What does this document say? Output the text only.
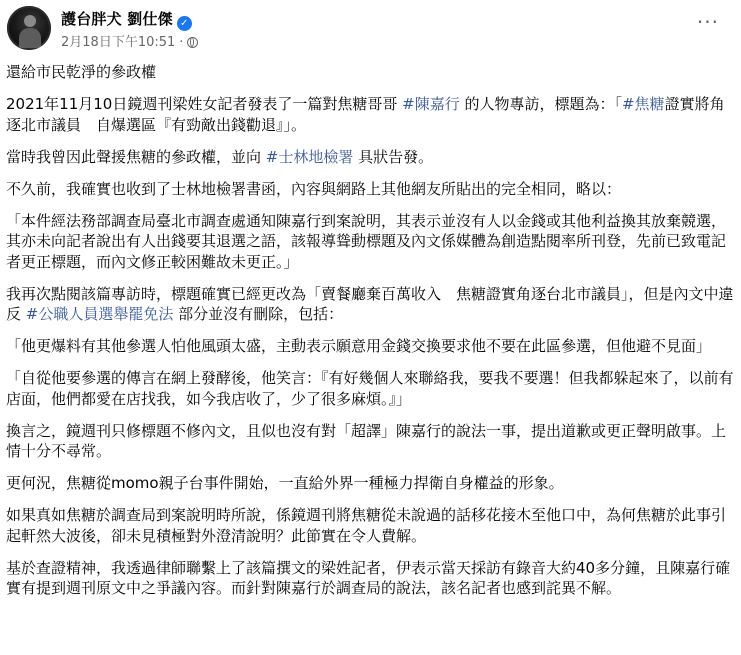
護台胖犬 劉仕傑 ✓
2月18日下午10:51 ·
···

還給市民乾淨的參政權

2021年11月10日鏡週刊梁姓女記者發表了一篇對焦糖哥哥 #陳嘉行 的人物專訪，標題為：「#焦糖證實將角逐北市議員　自爆選區『有勁敵出錢勸退』」。

當時我曾因此聲援焦糖的參政權，並向 #士林地檢署 具狀告發。

不久前，我確實也收到了士林地檢署書函，內容與網路上其他網友所貼出的完全相同，略以：

「本件經法務部調查局臺北市調查處通知陳嘉行到案說明，其表示並沒有人以金錢或其他利益換其放棄競選，其亦未向記者說出有人出錢要其退選之語，該報導聳動標題及內文係媒體為創造點閱率所刊登，先前已致電記者更正標題，而內文修正較困難故未更正。」

我再次點閱該篇專訪時，標題確實已經更改為「賣餐廳棄百萬收入　焦糖證實角逐台北市議員」，但是內文中違反 #公職人員選舉罷免法 部分並沒有刪除，包括：

「他更爆料有其他參選人怕他風頭太盛，主動表示願意用金錢交換要求他不要在此區參選，但他避不見面」

「自從他要參選的傳言在網上發酵後，他笑言：『有好幾個人來聯絡我，要我不要選！但我都躲起來了，以前有店面，他們都愛在店找我，如今我店收了，少了很多麻煩。』」

換言之，鏡週刊只修標題不修內文，且似也沒有對「超譯」陳嘉行的說法一事，提出道歉或更正聲明啟事。上情十分不尋常。

更何況，焦糖從momo親子台事件開始，一直給外界一種極力捍衛自身權益的形象。

如果真如焦糖於調查局到案說明時所說，係鏡週刊將焦糖從未說過的話移花接木至他口中，為何焦糖於此事引起軒然大波後，卻未見積極對外澄清說明？此節實在令人費解。

基於查證精神，我透過律師聯繫上了該篇撰文的梁姓記者，伊表示當天採訪有錄音大約40多分鐘，且陳嘉行確實有提到週刊原文中之爭議內容。而針對陳嘉行於調查局的說法，該名記者也感到詫異不解。
